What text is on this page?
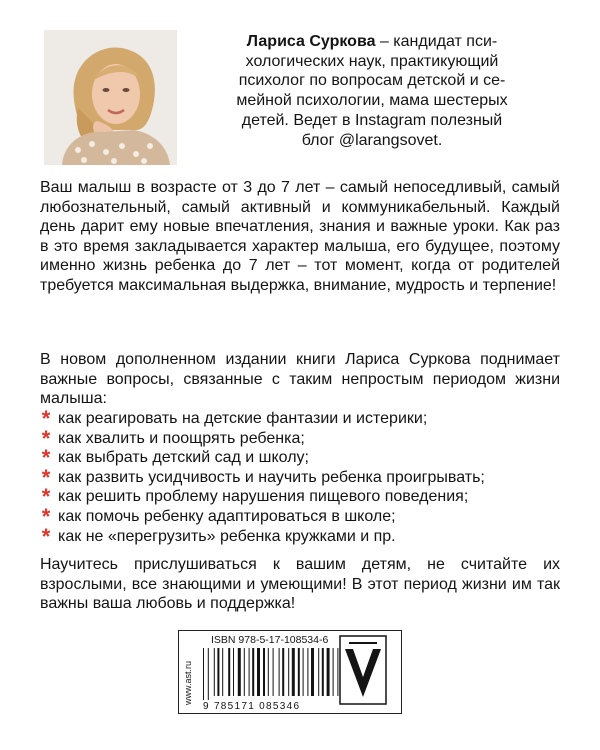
Лариса Суркова – кандидат пси-
хологических наук, практикующий
психолог по вопросам детской и се-
мейной психологии, мама шестерых
детей. Ведет в Instagram полезный
блог @larangsovet.

Ваш малыш в возрасте от 3 до 7 лет – самый непоседливый, самый любознательный, самый активный и коммуникабельный. Каждый день дарит ему новые впечатления, знания и важные уроки. Как раз в это время закладывается характер малыша, его будущее, поэтому именно жизнь ребенка до 7 лет – тот момент, когда от родителей требуется максимальная выдержка, внимание, мудрость и терпение!

В новом дополненном издании книги Лариса Суркова поднимает важные вопросы, связанные с таким непростым периодом жизни малыша:

* как реагировать на детские фантазии и истерики;
* как хвалить и поощрять ребенка;
* как выбрать детский сад и школу;
* как развить усидчивость и научить ребенка проигрывать;
* как решить проблему нарушения пищевого поведения;
* как помочь ребенку адаптироваться в школе;
* как не «перегрузить» ребенка кружками и пр.

Научитесь прислушиваться к вашим детям, не считайте их взрослыми, все знающими и умеющими! В этот период жизни им так важны ваша любовь и поддержка!

www.ast.ru
ISBN 978-5-17-108534-6
9 785171 085346
